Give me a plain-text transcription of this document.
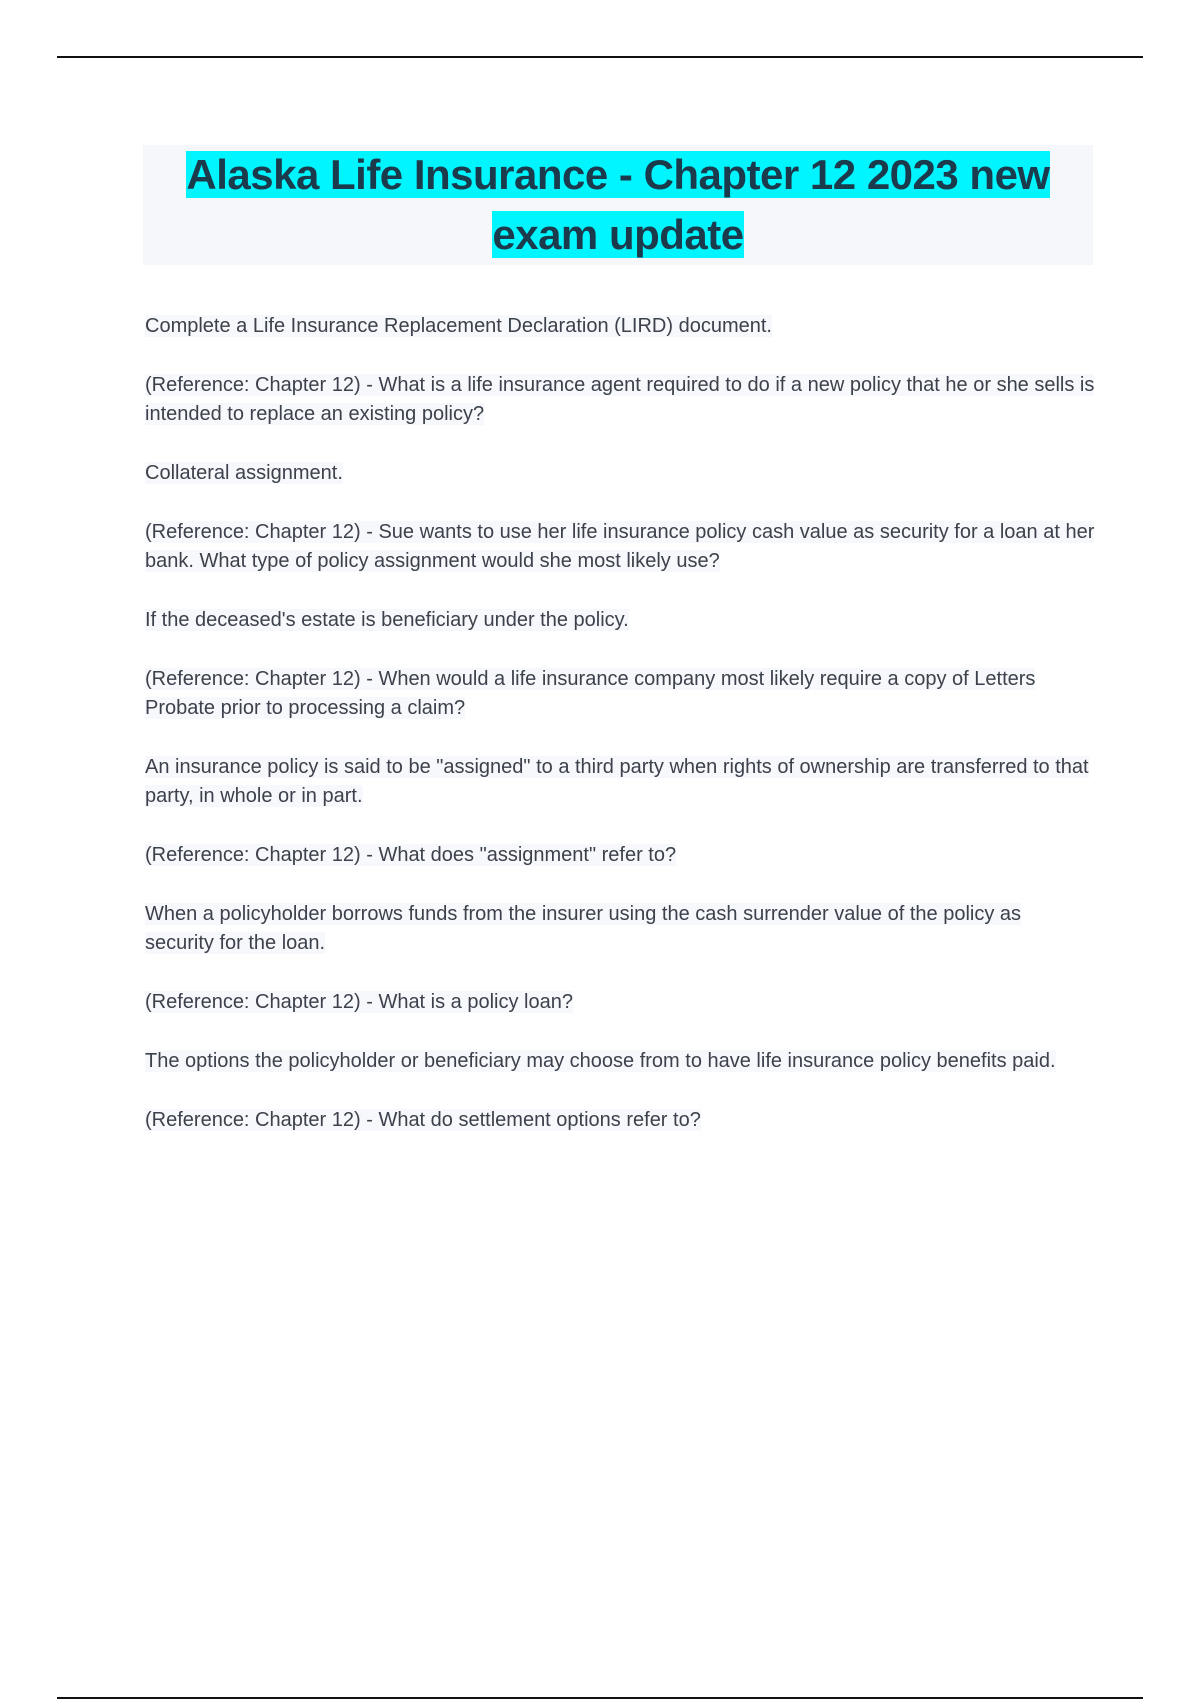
Alaska Life Insurance - Chapter 12 2023 new exam update

Complete a Life Insurance Replacement Declaration (LIRD) document.

(Reference: Chapter 12) - What is a life insurance agent required to do if a new policy that he or she sells is intended to replace an existing policy?

Collateral assignment.

(Reference: Chapter 12) - Sue wants to use her life insurance policy cash value as security for a loan at her bank. What type of policy assignment would she most likely use?

If the deceased's estate is beneficiary under the policy.

(Reference: Chapter 12) - When would a life insurance company most likely require a copy of Letters Probate prior to processing a claim?

An insurance policy is said to be "assigned" to a third party when rights of ownership are transferred to that party, in whole or in part.

(Reference: Chapter 12) - What does "assignment" refer to?

When a policyholder borrows funds from the insurer using the cash surrender value of the policy as security for the loan.

(Reference: Chapter 12) - What is a policy loan?

The options the policyholder or beneficiary may choose from to have life insurance policy benefits paid.

(Reference: Chapter 12) - What do settlement options refer to?
